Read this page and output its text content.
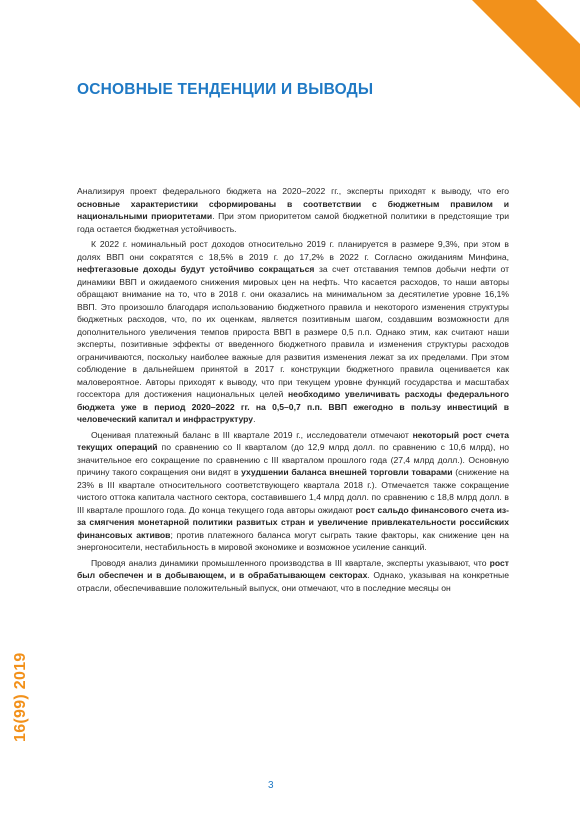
ОСНОВНЫЕ ТЕНДЕНЦИИ И ВЫВОДЫ
16(99) 2019

Анализируя проект федерального бюджета на 2020–2022 гг., эксперты приходят к выводу, что его основные характеристики сформированы в соответствии с бюджетным правилом и национальными приоритетами. При этом приоритетом самой бюджетной политики в предстоящие три года остается бюджетная устойчивость.

К 2022 г. номинальный рост доходов относительно 2019 г. планируется в размере 9,3%, при этом в долях ВВП они сократятся с 18,5% в 2019 г. до 17,2% в 2022 г. Согласно ожиданиям Минфина, нефтегазовые доходы будут устойчиво сокращаться за счет отставания темпов добычи нефти от динамики ВВП и ожидаемого снижения мировых цен на нефть. Что касается расходов, то наши авторы обращают внимание на то, что в 2018 г. они оказались на минимальном за десятилетие уровне 16,1% ВВП. Это произошло благодаря использованию бюджетного правила и некоторого изменения структуры бюджетных расходов, что, по их оценкам, является позитивным шагом, создавшим возможности для дополнительного увеличения темпов прироста ВВП в размере 0,5 п.п. Однако этим, как считают наши эксперты, позитивные эффекты от введенного бюджетного правила и изменения структуры расходов ограничиваются, поскольку наиболее важные для развития изменения лежат за их пределами. При этом соблюдение в дальнейшем принятой в 2017 г. конструкции бюджетного правила оценивается как маловероятное. Авторы приходят к выводу, что при текущем уровне функций государства и масштабах госсектора для достижения национальных целей необходимо увеличивать расходы федерального бюджета уже в период 2020–2022 гг. на 0,5–0,7 п.п. ВВП ежегодно в пользу инвестиций в человеческий капитал и инфраструктуру.

Оценивая платежный баланс в III квартале 2019 г., исследователи отмечают некоторый рост счета текущих операций по сравнению со II кварталом (до 12,9 млрд долл. по сравнению с 10,6 млрд), но значительное его сокращение по сравнению с III кварталом прошлого года (27,4 млрд долл.). Основную причину такого сокращения они видят в ухудшении баланса внешней торговли товарами (снижение на 23% в III квартале относительного соответствующего квартала 2018 г.). Отмечается также сокращение чистого оттока капитала частного сектора, составившего 1,4 млрд долл. по сравнению с 18,8 млрд долл. в III квартале прошлого года. До конца текущего года авторы ожидают рост сальдо финансового счета из-за смягчения монетарной политики развитых стран и увеличение привлекательности российских финансовых активов; против платежного баланса могут сыграть такие факторы, как снижение цен на энергоносители, нестабильность в мировой экономике и возможное усиление санкций.

Проводя анализ динамики промышленного производства в III квартале, эксперты указывают, что рост был обеспечен и в добывающем, и в обрабатывающем секторах. Однако, указывая на конкретные отрасли, обеспечивавшие положительный выпуск, они отмечают, что в последние месяцы он

3
